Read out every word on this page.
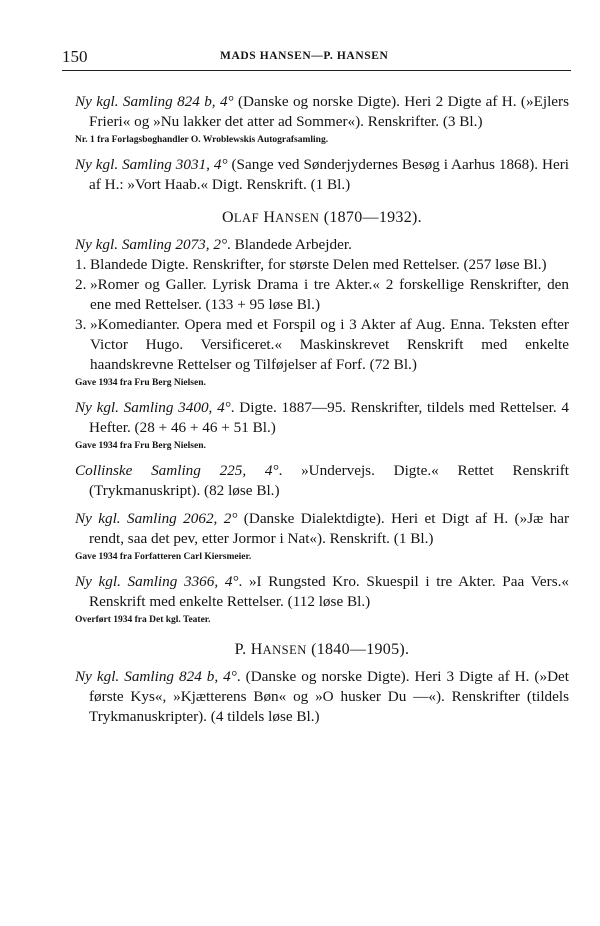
150	MADS HANSEN—P. HANSEN
Ny kgl. Samling 824 b, 4° (Danske og norske Digte). Heri 2 Digte af H. (»Ejlers Frieri« og »Nu lakker det atter ad Sommer«). Renskrifter. (3 Bl.)
Nr. 1 fra Forlagsboghandler O. Wroblewskis Autografsamling.
Ny kgl. Samling 3031, 4° (Sange ved Sønderjydernes Besøg i Aarhus 1868). Heri af H.: »Vort Haab.« Digt. Renskrift. (1 Bl.)
OLAF HANSEN (1870—1932).
Ny kgl. Samling 2073, 2°. Blandede Arbejder.
1. Blandede Digte. Renskrifter, for største Delen med Rettelser. (257 løse Bl.)
2. »Romer og Galler. Lyrisk Drama i tre Akter.« 2 forskellige Renskrifter, den ene med Rettelser. (133 + 95 løse Bl.)
3. »Komedianter. Opera med et Forspil og i 3 Akter af Aug. Enna. Teksten efter Victor Hugo. Versificeret.« Maskinskrevet Renskrift med enkelte haandskrevne Rettelser og Tilføjelser af Forf. (72 Bl.)
Gave 1934 fra Fru Berg Nielsen.
Ny kgl. Samling 3400, 4°. Digte. 1887—95. Renskrifter, tildels med Rettelser. 4 Hefter. (28 + 46 + 46 + 51 Bl.)
Gave 1934 fra Fru Berg Nielsen.
Collinske Samling 225, 4°. »Undervejs. Digte.« Rettet Renskrift (Trykmanuskript). (82 løse Bl.)
Ny kgl. Samling 2062, 2° (Danske Dialektdigte). Heri et Digt af H. (»Jæ har rendt, saa det pev, etter Jormor i Nat«). Renskrift. (1 Bl.)
Gave 1934 fra Forfatteren Carl Kiersmeier.
Ny kgl. Samling 3366, 4°. »I Rungsted Kro. Skuespil i tre Akter. Paa Vers.« Renskrift med enkelte Rettelser. (112 løse Bl.)
Overført 1934 fra Det kgl. Teater.
P. HANSEN (1840—1905).
Ny kgl. Samling 824 b, 4°. (Danske og norske Digte). Heri 3 Digte af H. (»Det første Kys«, »Kjætterens Bøn« og »O husker Du —«). Renskrifter (tildels Trykmanuskripter). (4 tildels løse Bl.)
